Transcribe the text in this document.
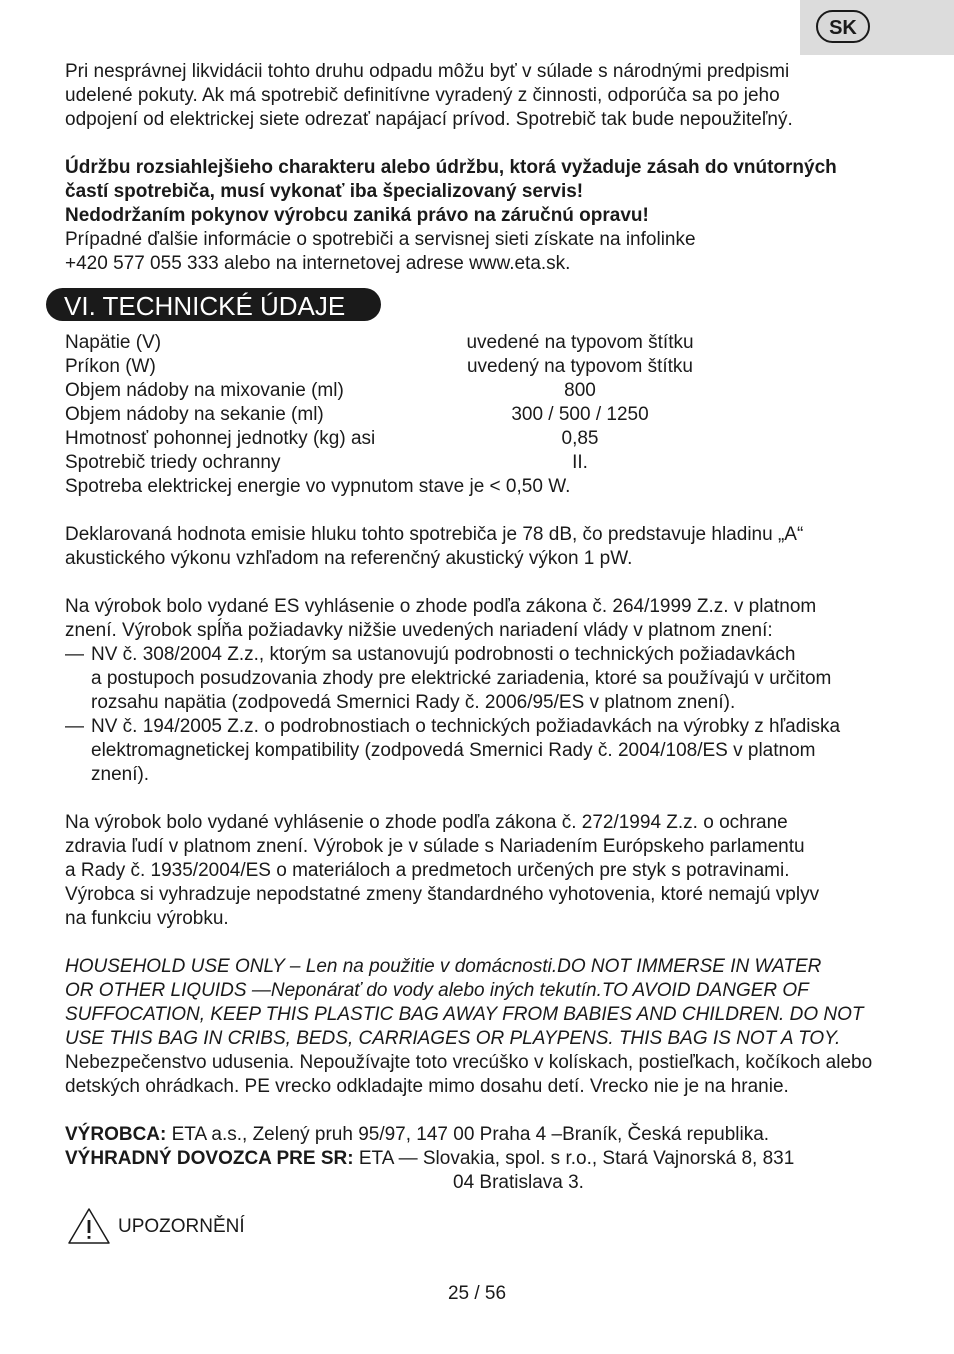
SK

Pri nesprávnej likvidácii tohto druhu odpadu môžu byť v súlade s národnými predpismi

udelené pokuty. Ak má spotrebič definitívne vyradený z činnosti, odporúča sa po jeho

odpojení od elektrickej siete odrezať napájací prívod. Spotrebič tak bude nepoužiteľný.

Údržbu rozsiahlejšieho charakteru alebo údržbu, ktorá vyžaduje zásah do vnútorných

častí spotrebiča, musí vykonať iba špecializovaný servis!

Nedodržaním pokynov výrobcu zaniká právo na záručnú opravu!

Prípadné ďalšie informácie o spotrebiči a servisnej sieti získate na infolinke

+420 577 055 333 alebo na internetovej adrese www.eta.sk.

VI. TECHNICKÉ ÚDAJE
Napätie (V)	uvedené na typovom štítku
Príkon (W)	uvedený na typovom štítku
Objem nádoby na mixovanie (ml)	800
Objem nádoby na sekanie (ml)	300 / 500 / 1250
Hmotnosť pohonnej jednotky (kg) asi	0,85
Spotrebič triedy ochranny	II.

Spotreba elektrickej energie vo vypnutom stave je < 0,50 W.

Deklarovaná hodnota emisie hluku tohto spotrebiča je 78 dB, čo predstavuje hladinu „A“

akustického výkonu vzhľadom na referenčný akustický výkon 1 pW.

Na výrobok bolo vydané ES vyhlásenie o zhode podľa zákona č. 264/1999 Z.z. v platnom

znení. Výrobok spĺňa požiadavky nižšie uvedených nariadení vlády v platnom znení:

— NV č. 308/2004 Z.z., ktorým sa ustanovujú podrobnosti o technických požiadavkách

a postupoch posudzovania zhody pre elektrické zariadenia, ktoré sa používajú v určitom

rozsahu napätia (zodpovedá Smernici Rady č. 2006/95/ES v platnom znení).

— NV č. 194/2005 Z.z. o podrobnostiach o technických požiadavkách na výrobky z hľadiska

elektromagnetickej kompatibility (zodpovedá Smernici Rady č. 2004/108/ES v platnom

znení).

Na výrobok bolo vydané vyhlásenie o zhode podľa zákona č. 272/1994 Z.z. o ochrane

zdravia ľudí v platnom znení. Výrobok je v súlade s Nariadením Európskeho parlamentu

a Rady č. 1935/2004/ES o materiáloch a predmetoch určených pre styk s potravinami.

Výrobca si vyhradzuje nepodstatné zmeny štandardného vyhotovenia, ktoré nemajú vplyv

na funkciu výrobku.

HOUSEHOLD USE ONLY – Len na použitie v domácnosti.DO NOT IMMERSE IN WATER

OR OTHER LIQUIDS —Neponárať do vody alebo iných tekutín.TO AVOID DANGER OF

SUFFOCATION, KEEP THIS PLASTIC BAG AWAY FROM BABIES AND CHILDREN. DO NOT

USE THIS BAG IN CRIBS, BEDS, CARRIAGES OR PLAYPENS. THIS BAG IS NOT A TOY.

Nebezpečenstvo udusenia. Nepoužívajte toto vrecúško v kolískach, postieľkach, kočíkoch alebo

detských ohrádkach. PE vrecko odkladajte mimo dosahu detí. Vrecko nie je na hranie.

VÝROBCA: ETA a.s., Zelený pruh 95/97, 147 00 Praha 4 –Braník, Česká republika.

VÝHRADNÝ DOVOZCA PRE SR: ETA — Slovakia, spol. s r.o., Stará Vajnorská 8, 831

04 Bratislava 3.

UPOZORNĚNÍ
25 / 56
